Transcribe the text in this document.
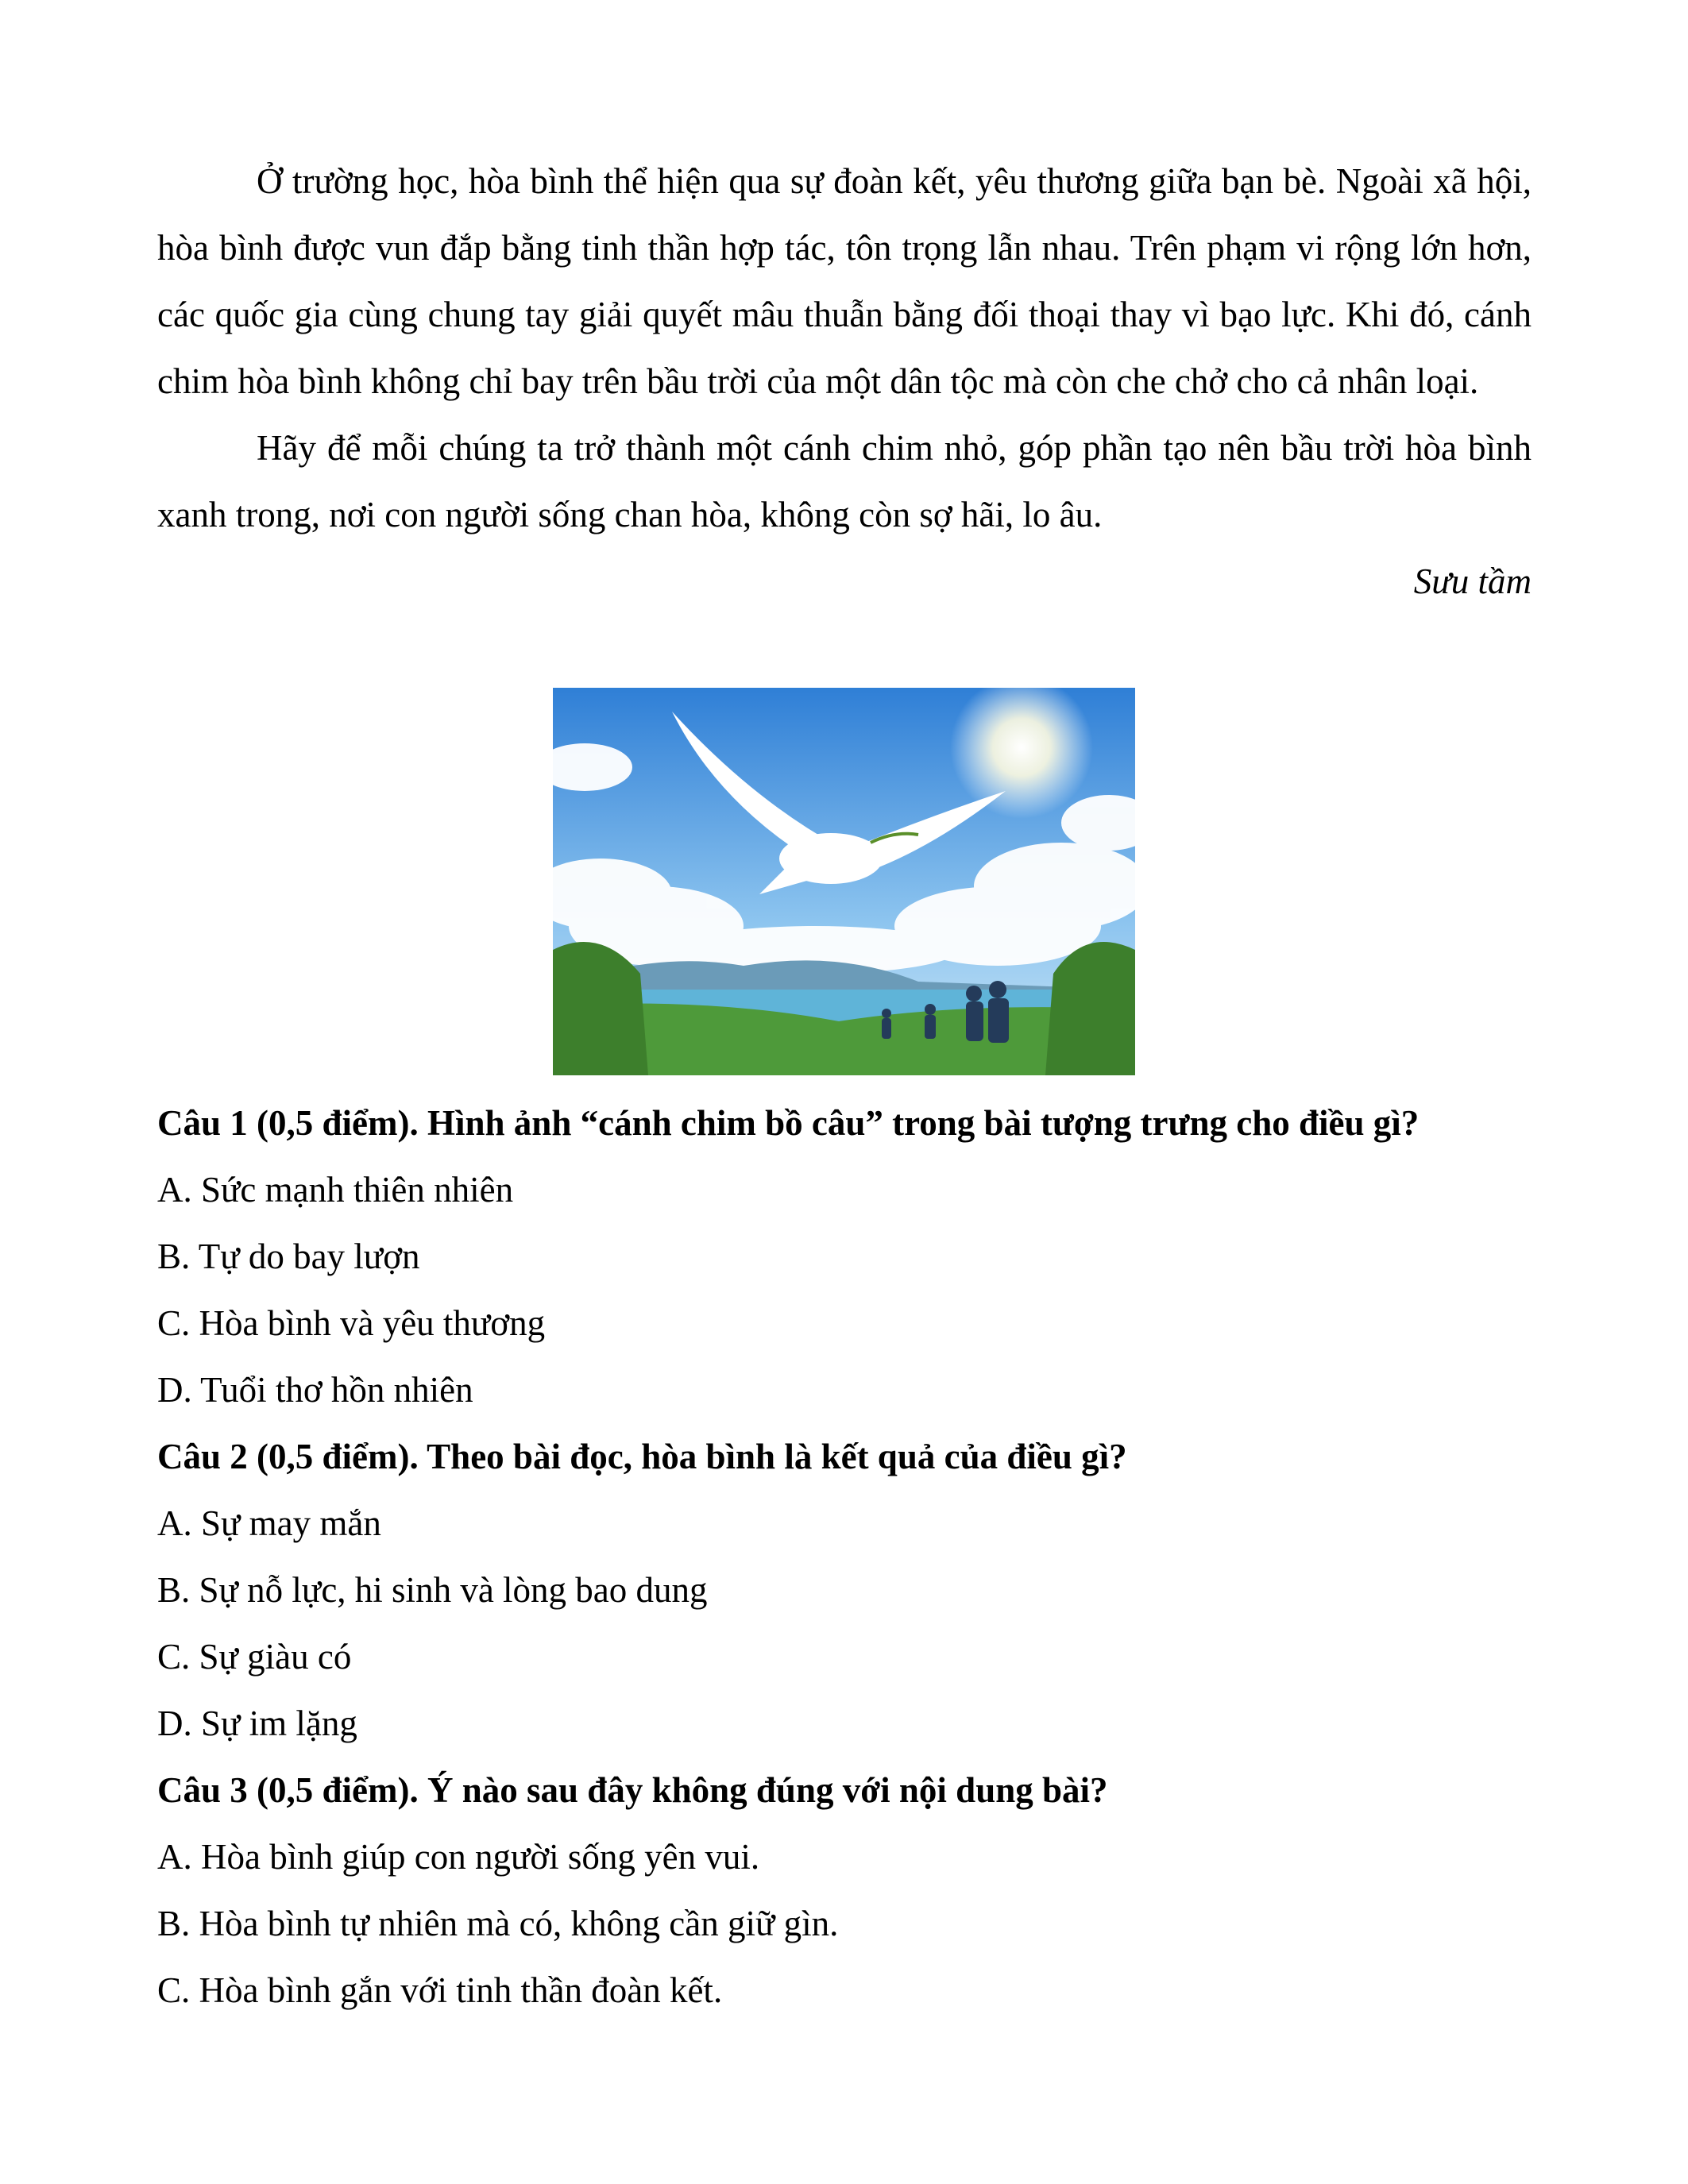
Ở trường học, hòa bình thể hiện qua sự đoàn kết, yêu thương giữa bạn bè. Ngoài xã hội, hòa bình được vun đắp bằng tinh thần hợp tác, tôn trọng lẫn nhau. Trên phạm vi rộng lớn hơn, các quốc gia cùng chung tay giải quyết mâu thuẫn bằng đối thoại thay vì bạo lực. Khi đó, cánh chim hòa bình không chỉ bay trên bầu trời của một dân tộc mà còn che chở cho cả nhân loại.

Hãy để mỗi chúng ta trở thành một cánh chim nhỏ, góp phần tạo nên bầu trời hòa bình xanh trong, nơi con người sống chan hòa, không còn sợ hãi, lo âu.

Sưu tầm

Câu 1 (0,5 điểm). Hình ảnh “cánh chim bồ câu” trong bài tượng trưng cho điều gì?

A. Sức mạnh thiên nhiên

B. Tự do bay lượn

C. Hòa bình và yêu thương

D. Tuổi thơ hồn nhiên

Câu 2 (0,5 điểm). Theo bài đọc, hòa bình là kết quả của điều gì?

A. Sự may mắn

B. Sự nỗ lực, hi sinh và lòng bao dung

C. Sự giàu có

D. Sự im lặng

Câu 3 (0,5 điểm). Ý nào sau đây không đúng với nội dung bài?

A. Hòa bình giúp con người sống yên vui.

B. Hòa bình tự nhiên mà có, không cần giữ gìn.

C. Hòa bình gắn với tinh thần đoàn kết.
